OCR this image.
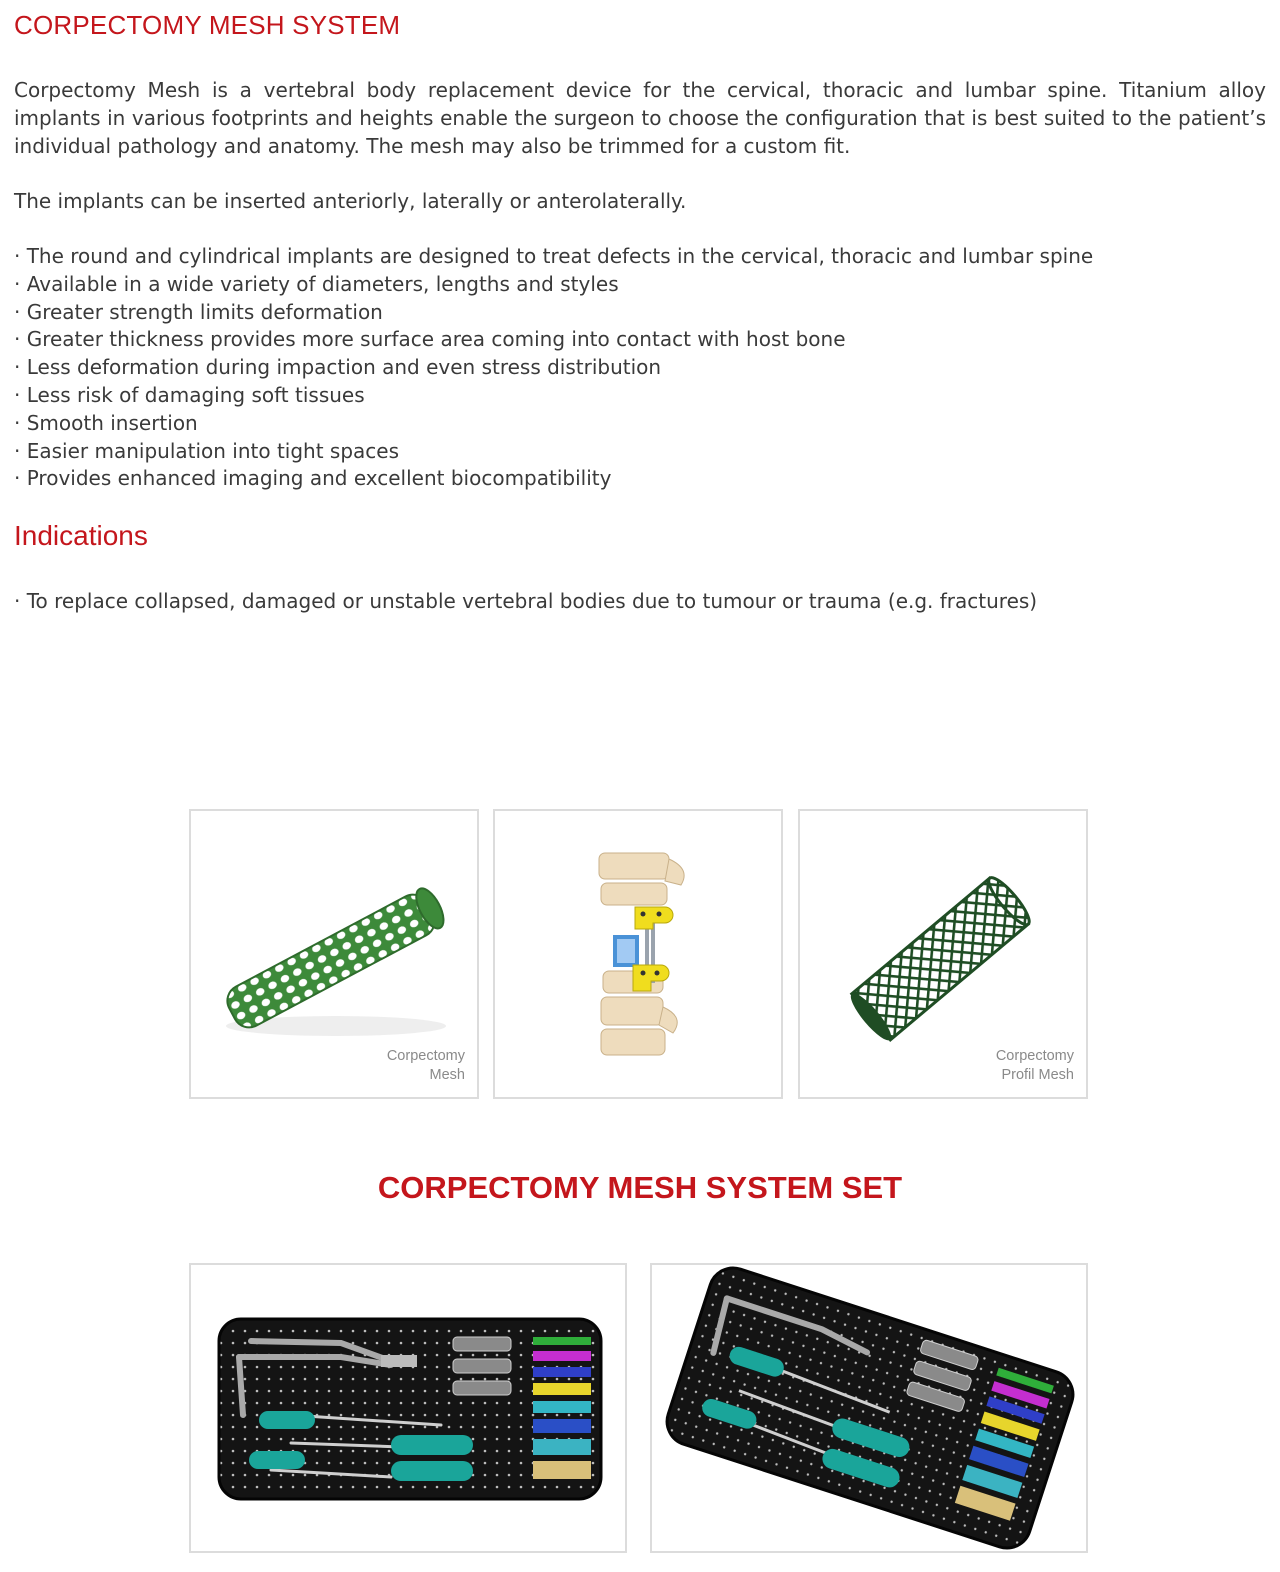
CORPECTOMY MESH SYSTEM

Corpectomy Mesh is a vertebral body replacement device for the cervical, thoracic and lumbar spine. Titanium alloy implants in various footprints and heights enable the surgeon to choose the configuration that is best suited to the patient’s individual pathology and anatomy. The mesh may also be trimmed for a custom fit.

The implants can be inserted anteriorly, laterally or anterolaterally.

· The round and cylindrical implants are designed to treat defects in the cervical, thoracic and lumbar spine
· Available in a wide variety of diameters, lengths and styles
· Greater strength limits deformation
· Greater thickness provides more surface area coming into contact with host bone
· Less deformation during impaction and even stress distribution
· Less risk of damaging soft tissues
· Smooth insertion
· Easier manipulation into tight spaces
· Provides enhanced imaging and excellent biocompatibility
Indications
· To replace collapsed, damaged or unstable vertebral bodies due to tumour or trauma (e.g. fractures)
Corpectomy
Mesh
Corpectomy
Profil Mesh
CORPECTOMY MESH SYSTEM SET
